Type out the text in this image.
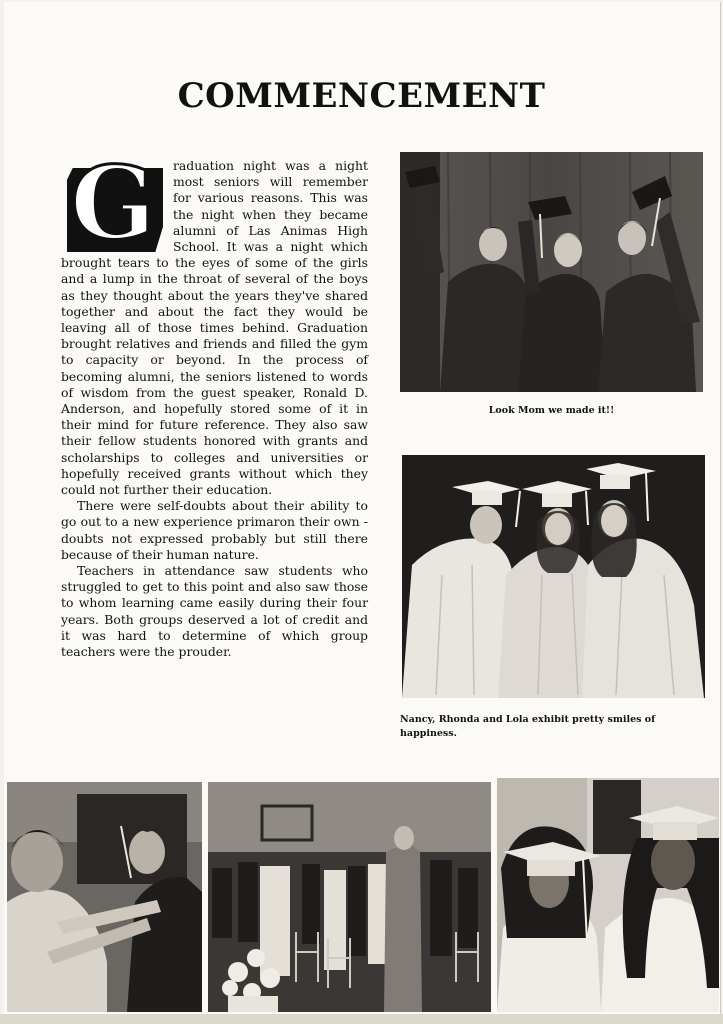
COMMENCEMENT

G	raduation night was a night most seniors will remember for various reasons. This was the night when they became alumni of Las Animas High School. It was a night which brought tears to the eyes of some of the girls and a lump in the throat of several of the boys as they thought about the years they've shared together and about the fact they would be leaving all of those times behind. Graduation brought relatives and friends and filled the gym to capacity or beyond. In the process of becoming alumni, the seniors listened to words of wisdom from the guest speaker, Ronald D. Anderson, and hopefully stored some of it in their mind for future reference. They also saw their fellow students honored with grants and scholarships to colleges and universities or hopefully received grants without which they could not further their education.

There were self-doubts about their ability to go out to a new experience primaron their own - doubts not expressed probably but still there because of their human nature.

Teachers in attendance saw students who struggled to get to this point and also saw those to whom learning came easily during their four years. Both groups deserved a lot of credit and it was hard to determine of which group teachers were the prouder.

Look Mom we made it!!
Nancy, Rhonda and Lola exhibit pretty smiles of happiness.
